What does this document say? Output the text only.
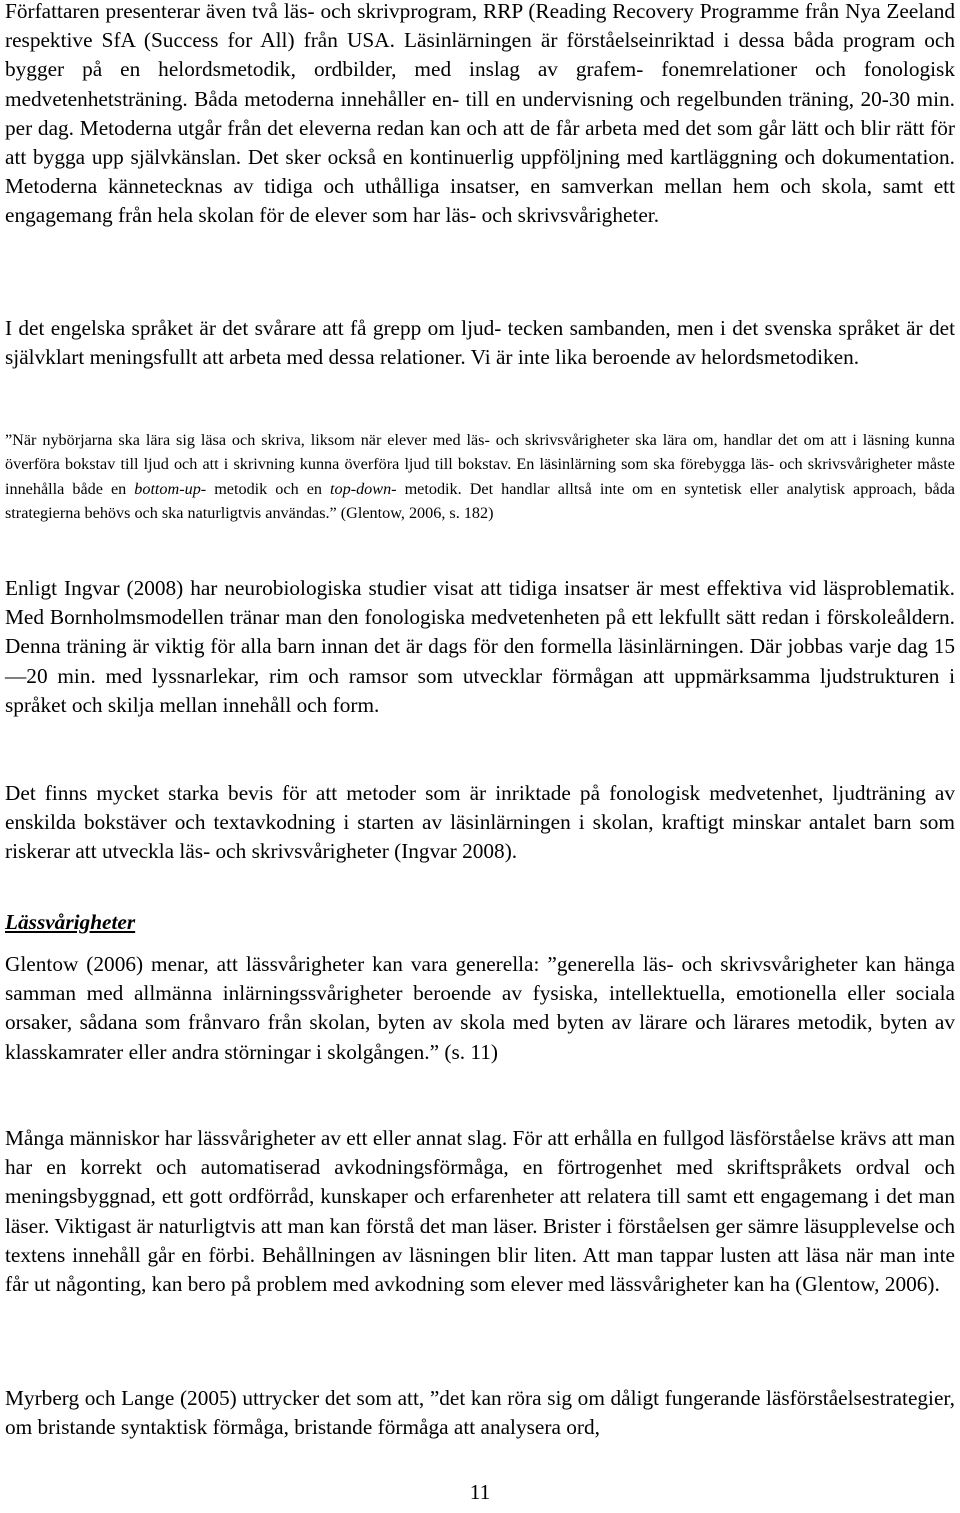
Författaren presenterar även två läs- och skrivprogram, RRP (Reading Recovery Programme från Nya Zeeland respektive SfA (Success for All) från USA. Läsinlärningen är förståelseinriktad i dessa båda program och bygger på en helordsmetodik, ordbilder, med inslag av grafem- fonemrelationer och fonologisk medvetenhetsträning. Båda metoderna innehåller en- till en undervisning och regelbunden träning, 20-30 min. per dag. Metoderna utgår från det eleverna redan kan och att de får arbeta med det som går lätt och blir rätt för att bygga upp självkänslan. Det sker också en kontinuerlig uppföljning med kartläggning och dokumentation. Metoderna kännetecknas av tidiga och uthålliga insatser, en samverkan mellan hem och skola, samt ett engagemang från hela skolan för de elever som har läs- och skrivsvårigheter.

I det engelska språket är det svårare att få grepp om ljud- tecken sambanden, men i det svenska språket är det självklart meningsfullt att arbeta med dessa relationer. Vi är inte lika beroende av helordsmetodiken.

”När nybörjarna ska lära sig läsa och skriva, liksom när elever med läs- och skrivsvårigheter ska lära om, handlar det om att i läsning kunna överföra bokstav till ljud och att i skrivning kunna överföra ljud till bokstav. En läsinlärning som ska förebygga läs- och skrivsvårigheter måste innehålla både en bottom-up- metodik och en top-down- metodik. Det handlar alltså inte om en syntetisk eller analytisk approach, båda strategierna behövs och ska naturligtvis användas.” (Glentow, 2006, s. 182)

Enligt Ingvar (2008) har neurobiologiska studier visat att tidiga insatser är mest effektiva vid läsproblematik. Med Bornholmsmodellen tränar man den fonologiska medvetenheten på ett lekfullt sätt redan i förskoleåldern. Denna träning är viktig för alla barn innan det är dags för den formella läsinlärningen. Där jobbas varje dag 15—20 min. med lyssnarlekar, rim och ramsor som utvecklar förmågan att uppmärksamma ljudstrukturen i språket och skilja mellan innehåll och form.

Det finns mycket starka bevis för att metoder som är inriktade på fonologisk medvetenhet, ljudträning av enskilda bokstäver och textavkodning i starten av läsinlärningen i skolan, kraftigt minskar antalet barn som riskerar att utveckla läs- och skrivsvårigheter (Ingvar 2008).

Lässvårigheter

Glentow (2006) menar, att lässvårigheter kan vara generella: ”generella läs- och skrivsvårigheter kan hänga samman med allmänna inlärningssvårigheter beroende av fysiska, intellektuella, emotionella eller sociala orsaker, sådana som frånvaro från skolan, byten av skola med byten av lärare och lärares metodik, byten av klasskamrater eller andra störningar i skolgången.” (s. 11)

Många människor har lässvårigheter av ett eller annat slag. För att erhålla en fullgod läsförståelse krävs att man har en korrekt och automatiserad avkodningsförmåga, en förtrogenhet med skriftspråkets ordval och meningsbyggnad, ett gott ordförråd, kunskaper och erfarenheter att relatera till samt ett engagemang i det man läser. Viktigast är naturligtvis att man kan förstå det man läser. Brister i förståelsen ger sämre läsupplevelse och textens innehåll går en förbi. Behållningen av läsningen blir liten. Att man tappar lusten att läsa när man inte får ut någonting, kan bero på problem med avkodning som elever med lässvårigheter kan ha (Glentow, 2006).

Myrberg och Lange (2005) uttrycker det som att, ”det kan röra sig om dåligt fungerande läsförståelsestrategier, om bristande syntaktisk förmåga, bristande förmåga att analysera ord,

11
